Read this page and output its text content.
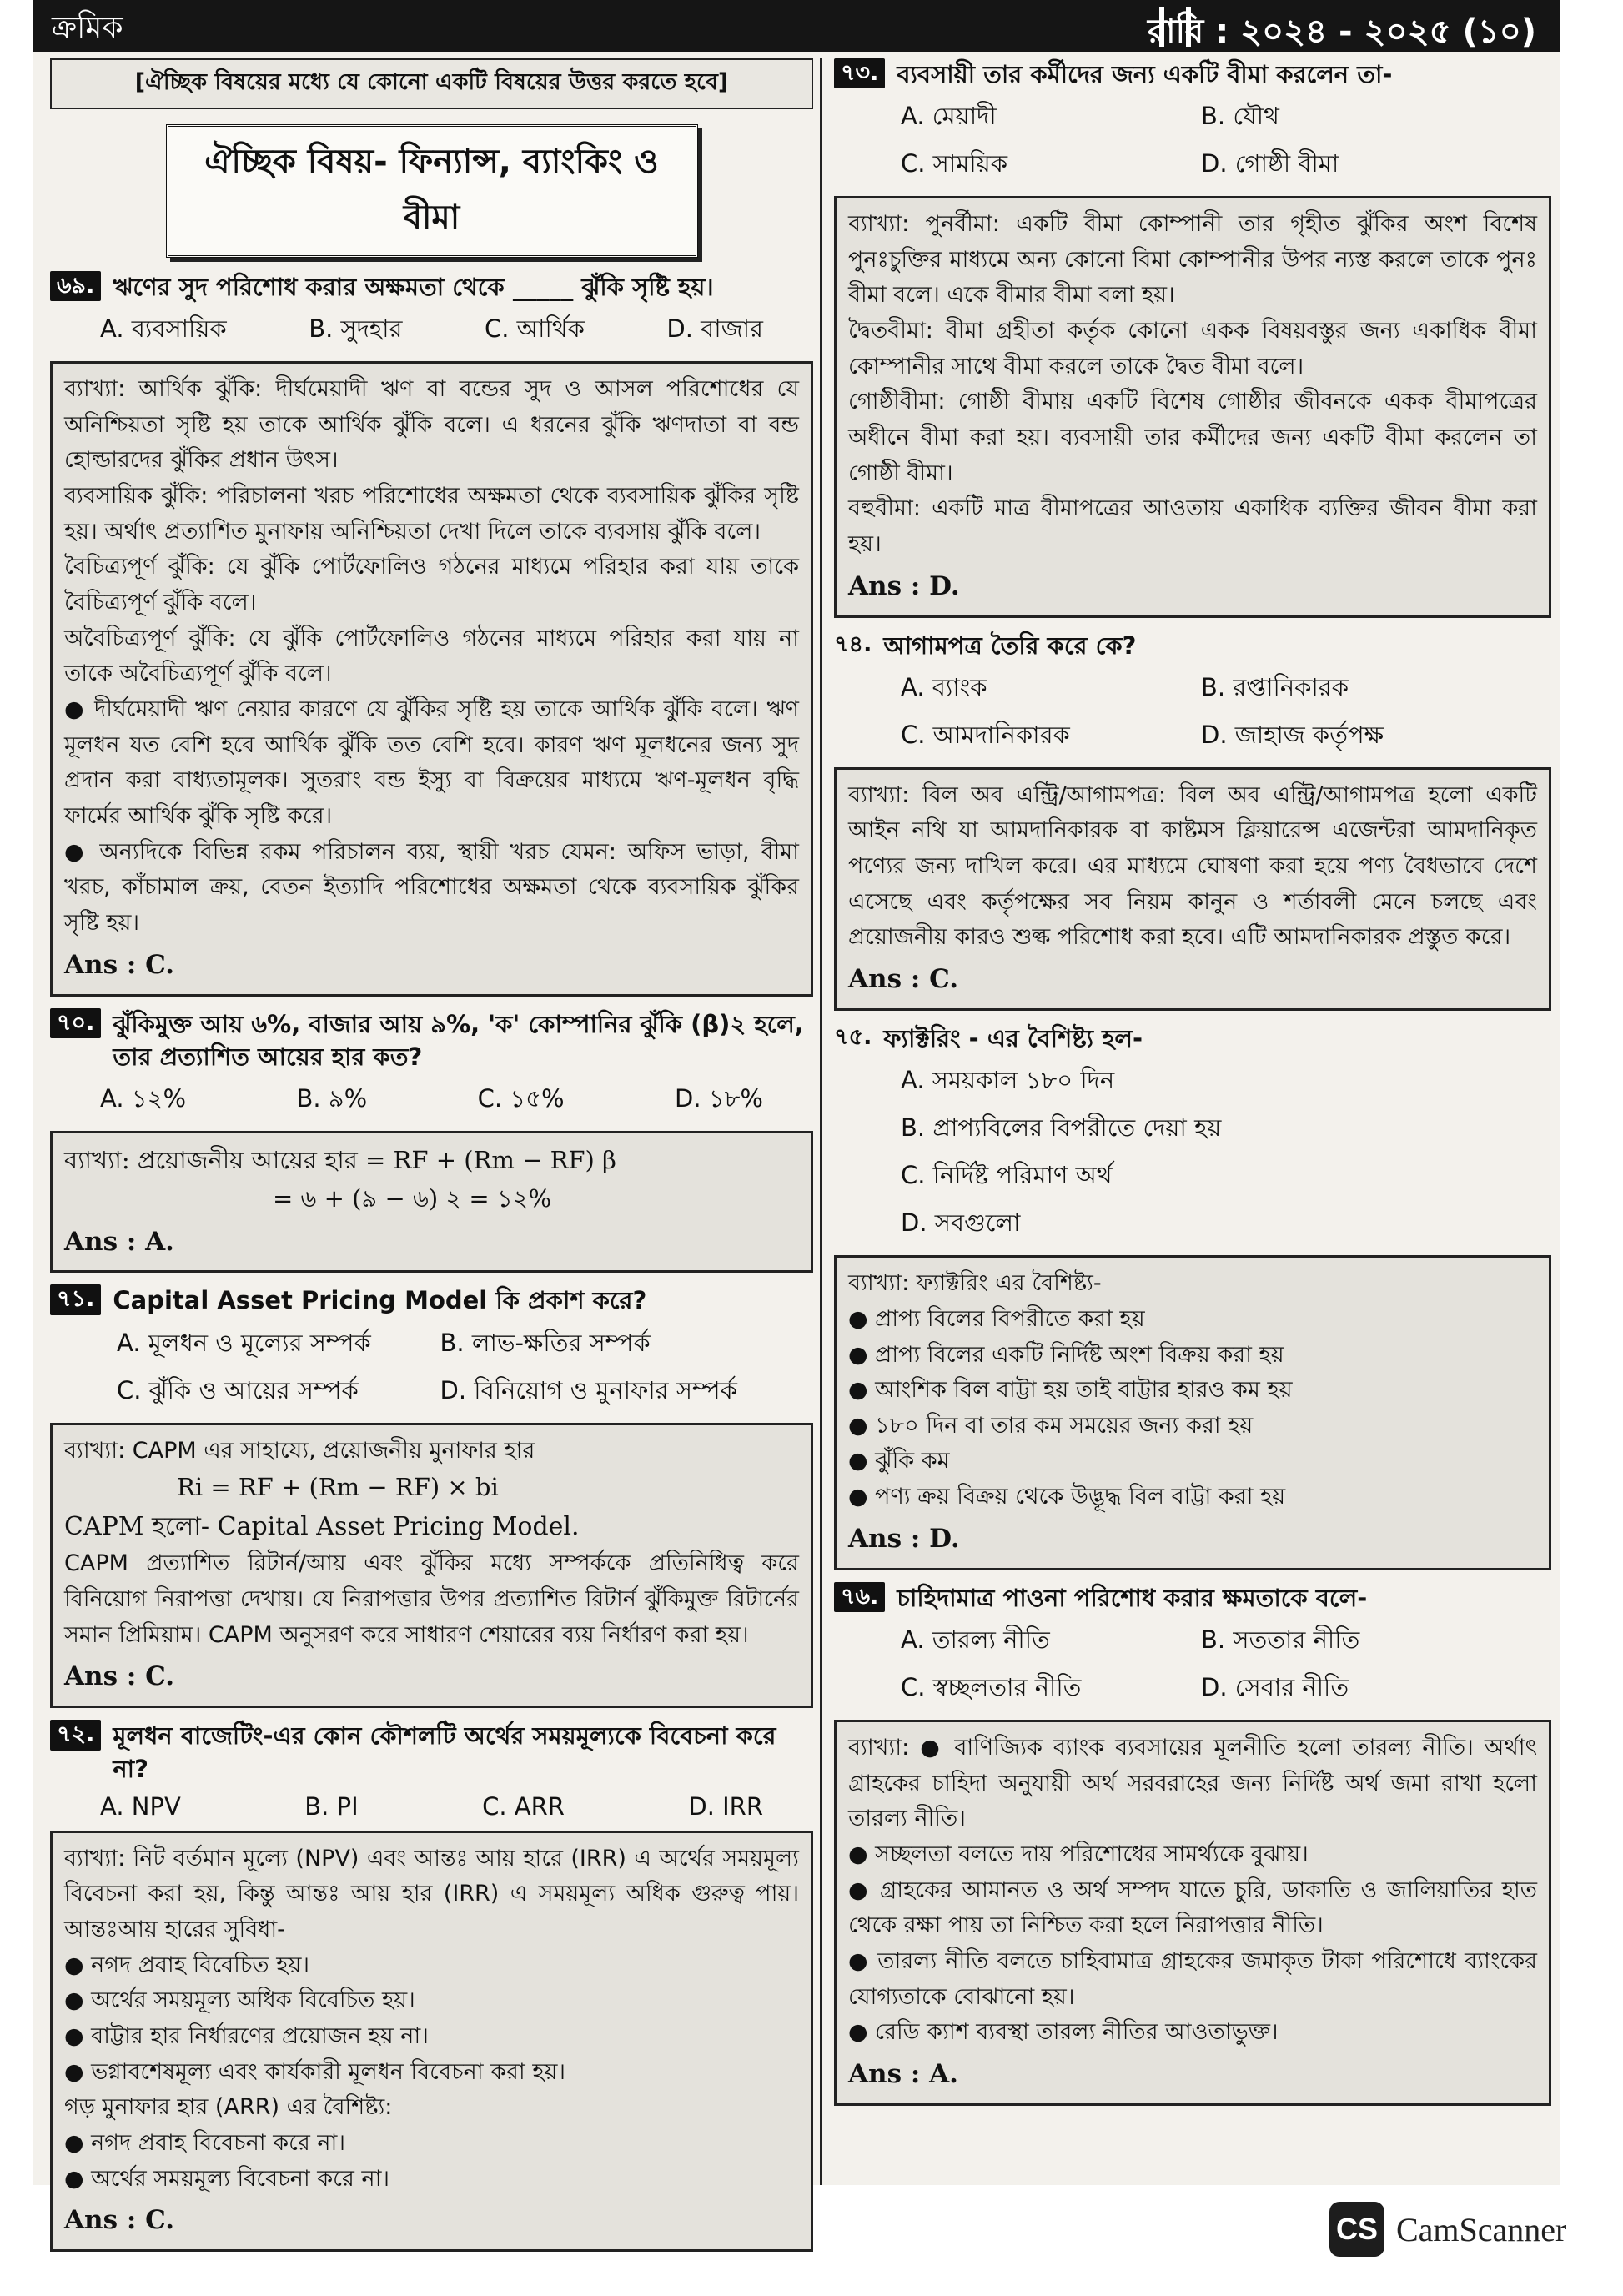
ক্রমিক	রাবি : ২০২৪ - ২০২৫ (১০)
[ঐচ্ছিক বিষয়ের মধ্যে যে কোনো একটি বিষয়ের উত্তর করতে হবে]
ঐচ্ছিক বিষয়- ফিন্যান্স, ব্যাংকিং ও বীমা
৬৯. ঋণের সুদ পরিশোধ করার অক্ষমতা থেকে _____ ঝুঁকি সৃষ্টি হয়।
A. ব্যবসায়িক	B. সুদহার	C. আর্থিক	D. বাজার

ব্যাখ্যা: আর্থিক ঝুঁকি: দীর্ঘমেয়াদী ঋণ বা বন্ডের সুদ ও আসল পরিশোধের যে অনিশ্চিয়তা সৃষ্টি হয় তাকে আর্থিক ঝুঁকি বলে। এ ধরনের ঝুঁকি ঋণদাতা বা বন্ড হোল্ডারদের ঝুঁকির প্রধান উৎস।

ব্যবসায়িক ঝুঁকি: পরিচালনা খরচ পরিশোধের অক্ষমতা থেকে ব্যবসায়িক ঝুঁকির সৃষ্টি হয়। অর্থাৎ প্রত্যাশিত মুনাফায় অনিশ্চিয়তা দেখা দিলে তাকে ব্যবসায় ঝুঁকি বলে।

বৈচিত্র্যপূর্ণ ঝুঁকি: যে ঝুঁকি পোর্টফোলিও গঠনের মাধ্যমে পরিহার করা যায় তাকে বৈচিত্র্যপূর্ণ ঝুঁকি বলে।

অবৈচিত্র্যপূর্ণ ঝুঁকি: যে ঝুঁকি পোর্টফোলিও গঠনের মাধ্যমে পরিহার করা যায় না তাকে অবৈচিত্র্যপূর্ণ ঝুঁকি বলে।

● দীর্ঘমেয়াদী ঋণ নেয়ার কারণে যে ঝুঁকির সৃষ্টি হয় তাকে আর্থিক ঝুঁকি বলে। ঋণ মূলধন যত বেশি হবে আর্থিক ঝুঁকি তত বেশি হবে। কারণ ঋণ মূলধনের জন্য সুদ প্রদান করা বাধ্যতামূলক। সুতরাং বন্ড ইস্যু বা বিক্রয়ের মাধ্যমে ঋণ-মূলধন বৃদ্ধি ফার্মের আর্থিক ঝুঁকি সৃষ্টি করে।

● অন্যদিকে বিভিন্ন রকম পরিচালন ব্যয়, স্থায়ী খরচ যেমন: অফিস ভাড়া, বীমা খরচ, কাঁচামাল ক্রয়, বেতন ইত্যাদি পরিশোধের অক্ষমতা থেকে ব্যবসায়িক ঝুঁকির সৃষ্টি হয়।

Ans : C.

৭০. ঝুঁকিমুক্ত আয় ৬%, বাজার আয় ৯%, 'ক' কোম্পানির ঝুঁকি (β)২ হলে, তার প্রত্যাশিত আয়ের হার কত?
A. ১২%	B. ৯%	C. ১৫%	D. ১৮%

ব্যাখ্যা: প্রয়োজনীয় আয়ের হার = RF + (Rm − RF) β

= ৬ + (৯ − ৬) ২ = ১২%

Ans : A.

৭১. Capital Asset Pricing Model কি প্রকাশ করে?
A. মূলধন ও মূল্যের সম্পর্ক	B. লাভ-ক্ষতির সম্পর্ক
C. ঝুঁকি ও আয়ের সম্পর্ক	D. বিনিয়োগ ও মুনাফার সম্পর্ক

ব্যাখ্যা: CAPM এর সাহায্যে, প্রয়োজনীয় মুনাফার হার

Ri = RF + (Rm − RF) × bi

CAPM হলো- Capital Asset Pricing Model.

CAPM প্রত্যাশিত রিটার্ন/আয় এবং ঝুঁকির মধ্যে সম্পর্ককে প্রতিনিধিত্ব করে বিনিয়োগ নিরাপত্তা দেখায়। যে নিরাপত্তার উপর প্রত্যাশিত রিটার্ন ঝুঁকিমুক্ত রিটার্নের সমান প্রিমিয়াম। CAPM অনুসরণ করে সাধারণ শেয়ারের ব্যয় নির্ধারণ করা হয়।

Ans : C.

৭২. মূলধন বাজেটিং-এর কোন কৌশলটি অর্থের সময়মূল্যকে বিবেচনা করে না?
A. NPV	B. PI	C. ARR	D. IRR

ব্যাখ্যা: নিট বর্তমান মূল্যে (NPV) এবং আন্তঃ আয় হারে (IRR) এ অর্থের সময়মূল্য বিবেচনা করা হয়, কিন্তু আন্তঃ আয় হার (IRR) এ সময়মূল্য অধিক গুরুত্ব পায়। আন্তঃআয় হারের সুবিধা-

● নগদ প্রবাহ বিবেচিত হয়।

● অর্থের সময়মূল্য অধিক বিবেচিত হয়।

● বাট্টার হার নির্ধারণের প্রয়োজন হয় না।

● ভগ্নাবশেষমূল্য এবং কার্যকারী মূলধন বিবেচনা করা হয়।

গড় মুনাফার হার (ARR) এর বৈশিষ্ট্য:

● নগদ প্রবাহ বিবেচনা করে না।

● অর্থের সময়মূল্য বিবেচনা করে না।

Ans : C.

৭৩. ব্যবসায়ী তার কর্মীদের জন্য একটি বীমা করলেন তা-
A. মেয়াদী	B. যৌথ
C. সাময়িক	D. গোষ্ঠী বীমা

ব্যাখ্যা: পুনর্বীমা: একটি বীমা কোম্পানী তার গৃহীত ঝুঁকির অংশ বিশেষ পুনঃচুক্তির মাধ্যমে অন্য কোনো বিমা কোম্পানীর উপর ন্যস্ত করলে তাকে পুনঃ বীমা বলে। একে বীমার বীমা বলা হয়।

দ্বৈতবীমা: বীমা গ্রহীতা কর্তৃক কোনো একক বিষয়বস্তুর জন্য একাধিক বীমা কোম্পানীর সাথে বীমা করলে তাকে দ্বৈত বীমা বলে।

গোষ্ঠীবীমা: গোষ্ঠী বীমায় একটি বিশেষ গোষ্ঠীর জীবনকে একক বীমাপত্রের অধীনে বীমা করা হয়। ব্যবসায়ী তার কর্মীদের জন্য একটি বীমা করলেন তা গোষ্ঠী বীমা।

বহুবীমা: একটি মাত্র বীমাপত্রের আওতায় একাধিক ব্যক্তির জীবন বীমা করা হয়।

Ans : D.

৭৪. আগামপত্র তৈরি করে কে?
A. ব্যাংক	B. রপ্তানিকারক
C. আমদানিকারক	D. জাহাজ কর্তৃপক্ষ

ব্যাখ্যা: বিল অব এন্ট্রি/আগামপত্র: বিল অব এন্ট্রি/আগামপত্র হলো একটি আইন নথি যা আমদানিকারক বা কাষ্টমস ক্লিয়ারেন্স এজেন্টরা আমদানিকৃত পণ্যের জন্য দাখিল করে। এর মাধ্যমে ঘোষণা করা হয়ে পণ্য বৈধভাবে দেশে এসেছে এবং কর্তৃপক্ষের সব নিয়ম কানুন ও শর্তাবলী মেনে চলছে এবং প্রয়োজনীয় কারও শুল্ক পরিশোধ করা হবে। এটি আমদানিকারক প্রস্তুত করে।

Ans : C.

৭৫. ফ্যাক্টরিং - এর বৈশিষ্ট্য হল-
A. সময়কাল ১৮০ দিন
B. প্রাপ্যবিলের বিপরীতে দেয়া হয়
C. নির্দিষ্ট পরিমাণ অর্থ
D. সবগুলো

ব্যাখ্যা: ফ্যাক্টরিং এর বৈশিষ্ট্য-

● প্রাপ্য বিলের বিপরীতে করা হয়

● প্রাপ্য বিলের একটি নির্দিষ্ট অংশ বিক্রয় করা হয়

● আংশিক বিল বাট্টা হয় তাই বাট্টার হারও কম হয়

● ১৮০ দিন বা তার কম সময়ের জন্য করা হয়

● ঝুঁকি কম

● পণ্য ক্রয় বিক্রয় থেকে উদ্ভূদ্ধ বিল বাট্টা করা হয়

Ans : D.

৭৬. চাহিদামাত্র পাওনা পরিশোধ করার ক্ষমতাকে বলে-
A. তারল্য নীতি	B. সততার নীতি
C. স্বচ্ছলতার নীতি	D. সেবার নীতি

ব্যাখ্যা: ● বাণিজ্যিক ব্যাংক ব্যবসায়ের মূলনীতি হলো তারল্য নীতি। অর্থাৎ গ্রাহকের চাহিদা অনুযায়ী অর্থ সরবরাহের জন্য নির্দিষ্ট অর্থ জমা রাখা হলো তারল্য নীতি।

● সচ্ছলতা বলতে দায় পরিশোধের সামর্থ্যকে বুঝায়।

● গ্রাহকের আমানত ও অর্থ সম্পদ যাতে চুরি, ডাকাতি ও জালিয়াতির হাত থেকে রক্ষা পায় তা নিশ্চিত করা হলে নিরাপত্তার নীতি।

● তারল্য নীতি বলতে চাহিবামাত্র গ্রাহকের জমাকৃত টাকা পরিশোধে ব্যাংকের যোগ্যতাকে বোঝানো হয়।

● রেডি ক্যাশ ব্যবস্থা তারল্য নীতির আওতাভুক্ত।

Ans : A.

CS CamScanner
